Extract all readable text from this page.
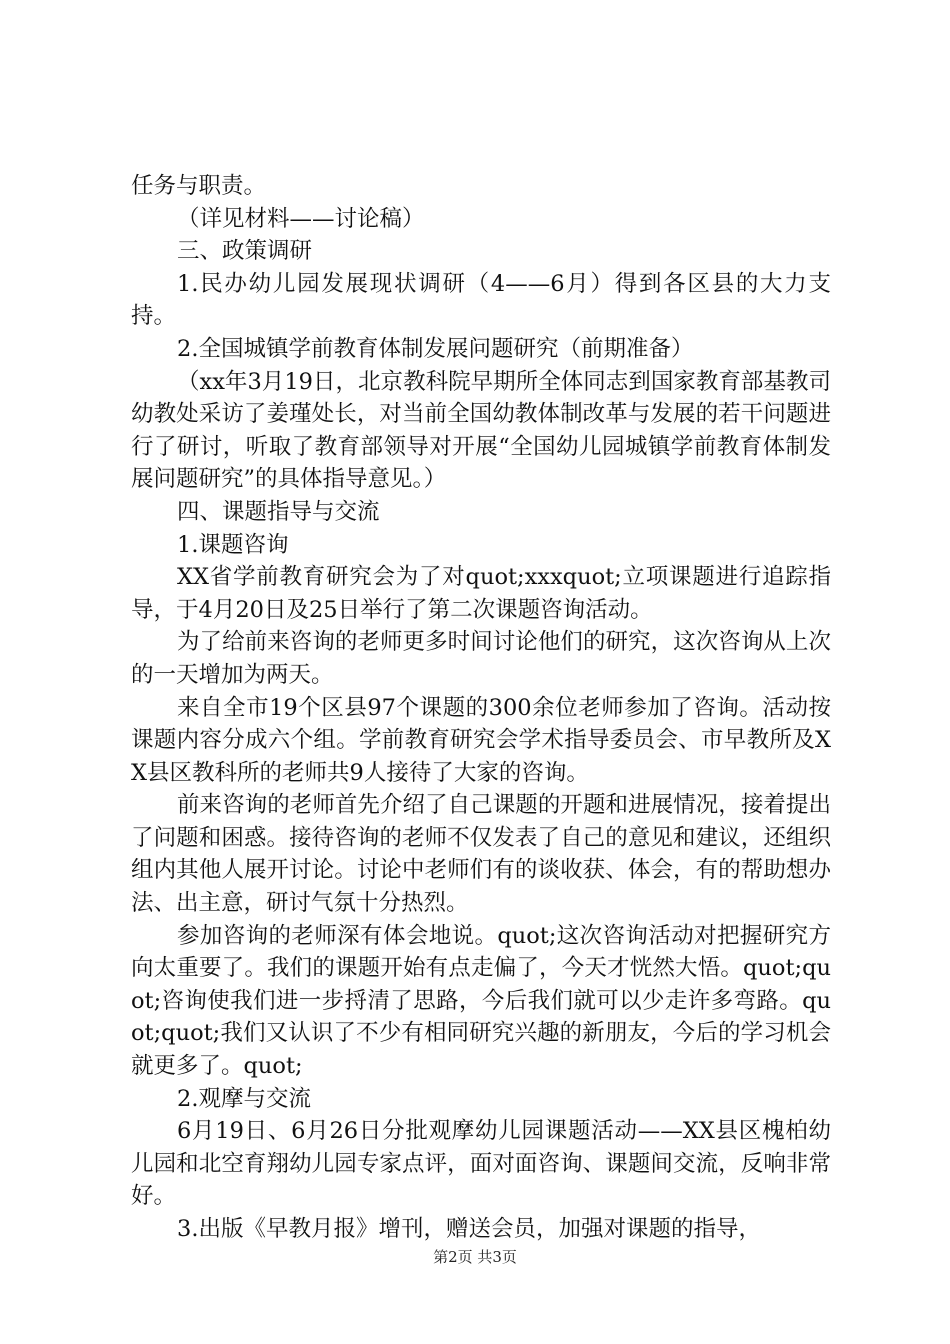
任务与职责。

（详见材料——讨论稿）

三、政策调研

1.民办幼儿园发展现状调研（4——6月）得到各区县的大力支持。

2.全国城镇学前教育体制发展问题研究（前期准备）

（xx年3月19日，北京教科院早期所全体同志到国家教育部基教司幼教处采访了姜瑾处长，对当前全国幼教体制改革与发展的若干问题进行了研讨，听取了教育部领导对开展“全国幼儿园城镇学前教育体制发展问题研究”的具体指导意见。）

四、课题指导与交流

1.课题咨询

XX省学前教育研究会为了对quot;xxxquot;立项课题进行追踪指导，于4月20日及25日举行了第二次课题咨询活动。

为了给前来咨询的老师更多时间讨论他们的研究，这次咨询从上次的一天增加为两天。

来自全市19个区县97个课题的300余位老师参加了咨询。活动按课题内容分成六个组。学前教育研究会学术指导委员会、市早教所及XX县区教科所的老师共9人接待了大家的咨询。

前来咨询的老师首先介绍了自己课题的开题和进展情况，接着提出了问题和困惑。接待咨询的老师不仅发表了自己的意见和建议，还组织组内其他人展开讨论。讨论中老师们有的谈收获、体会，有的帮助想办法、出主意，研讨气氛十分热烈。

参加咨询的老师深有体会地说。quot;这次咨询活动对把握研究方向太重要了。我们的课题开始有点走偏了，今天才恍然大悟。quot;quot;咨询使我们进一步捋清了思路，今后我们就可以少走许多弯路。quot;quot;我们又认识了不少有相同研究兴趣的新朋友，今后的学习机会就更多了。quot;

2.观摩与交流

6月19日、6月26日分批观摩幼儿园课题活动——XX县区槐柏幼儿园和北空育翔幼儿园专家点评，面对面咨询、课题间交流，反响非常好。

3.出版《早教月报》增刊，赠送会员，加强对课题的指导，

第2页 共3页
